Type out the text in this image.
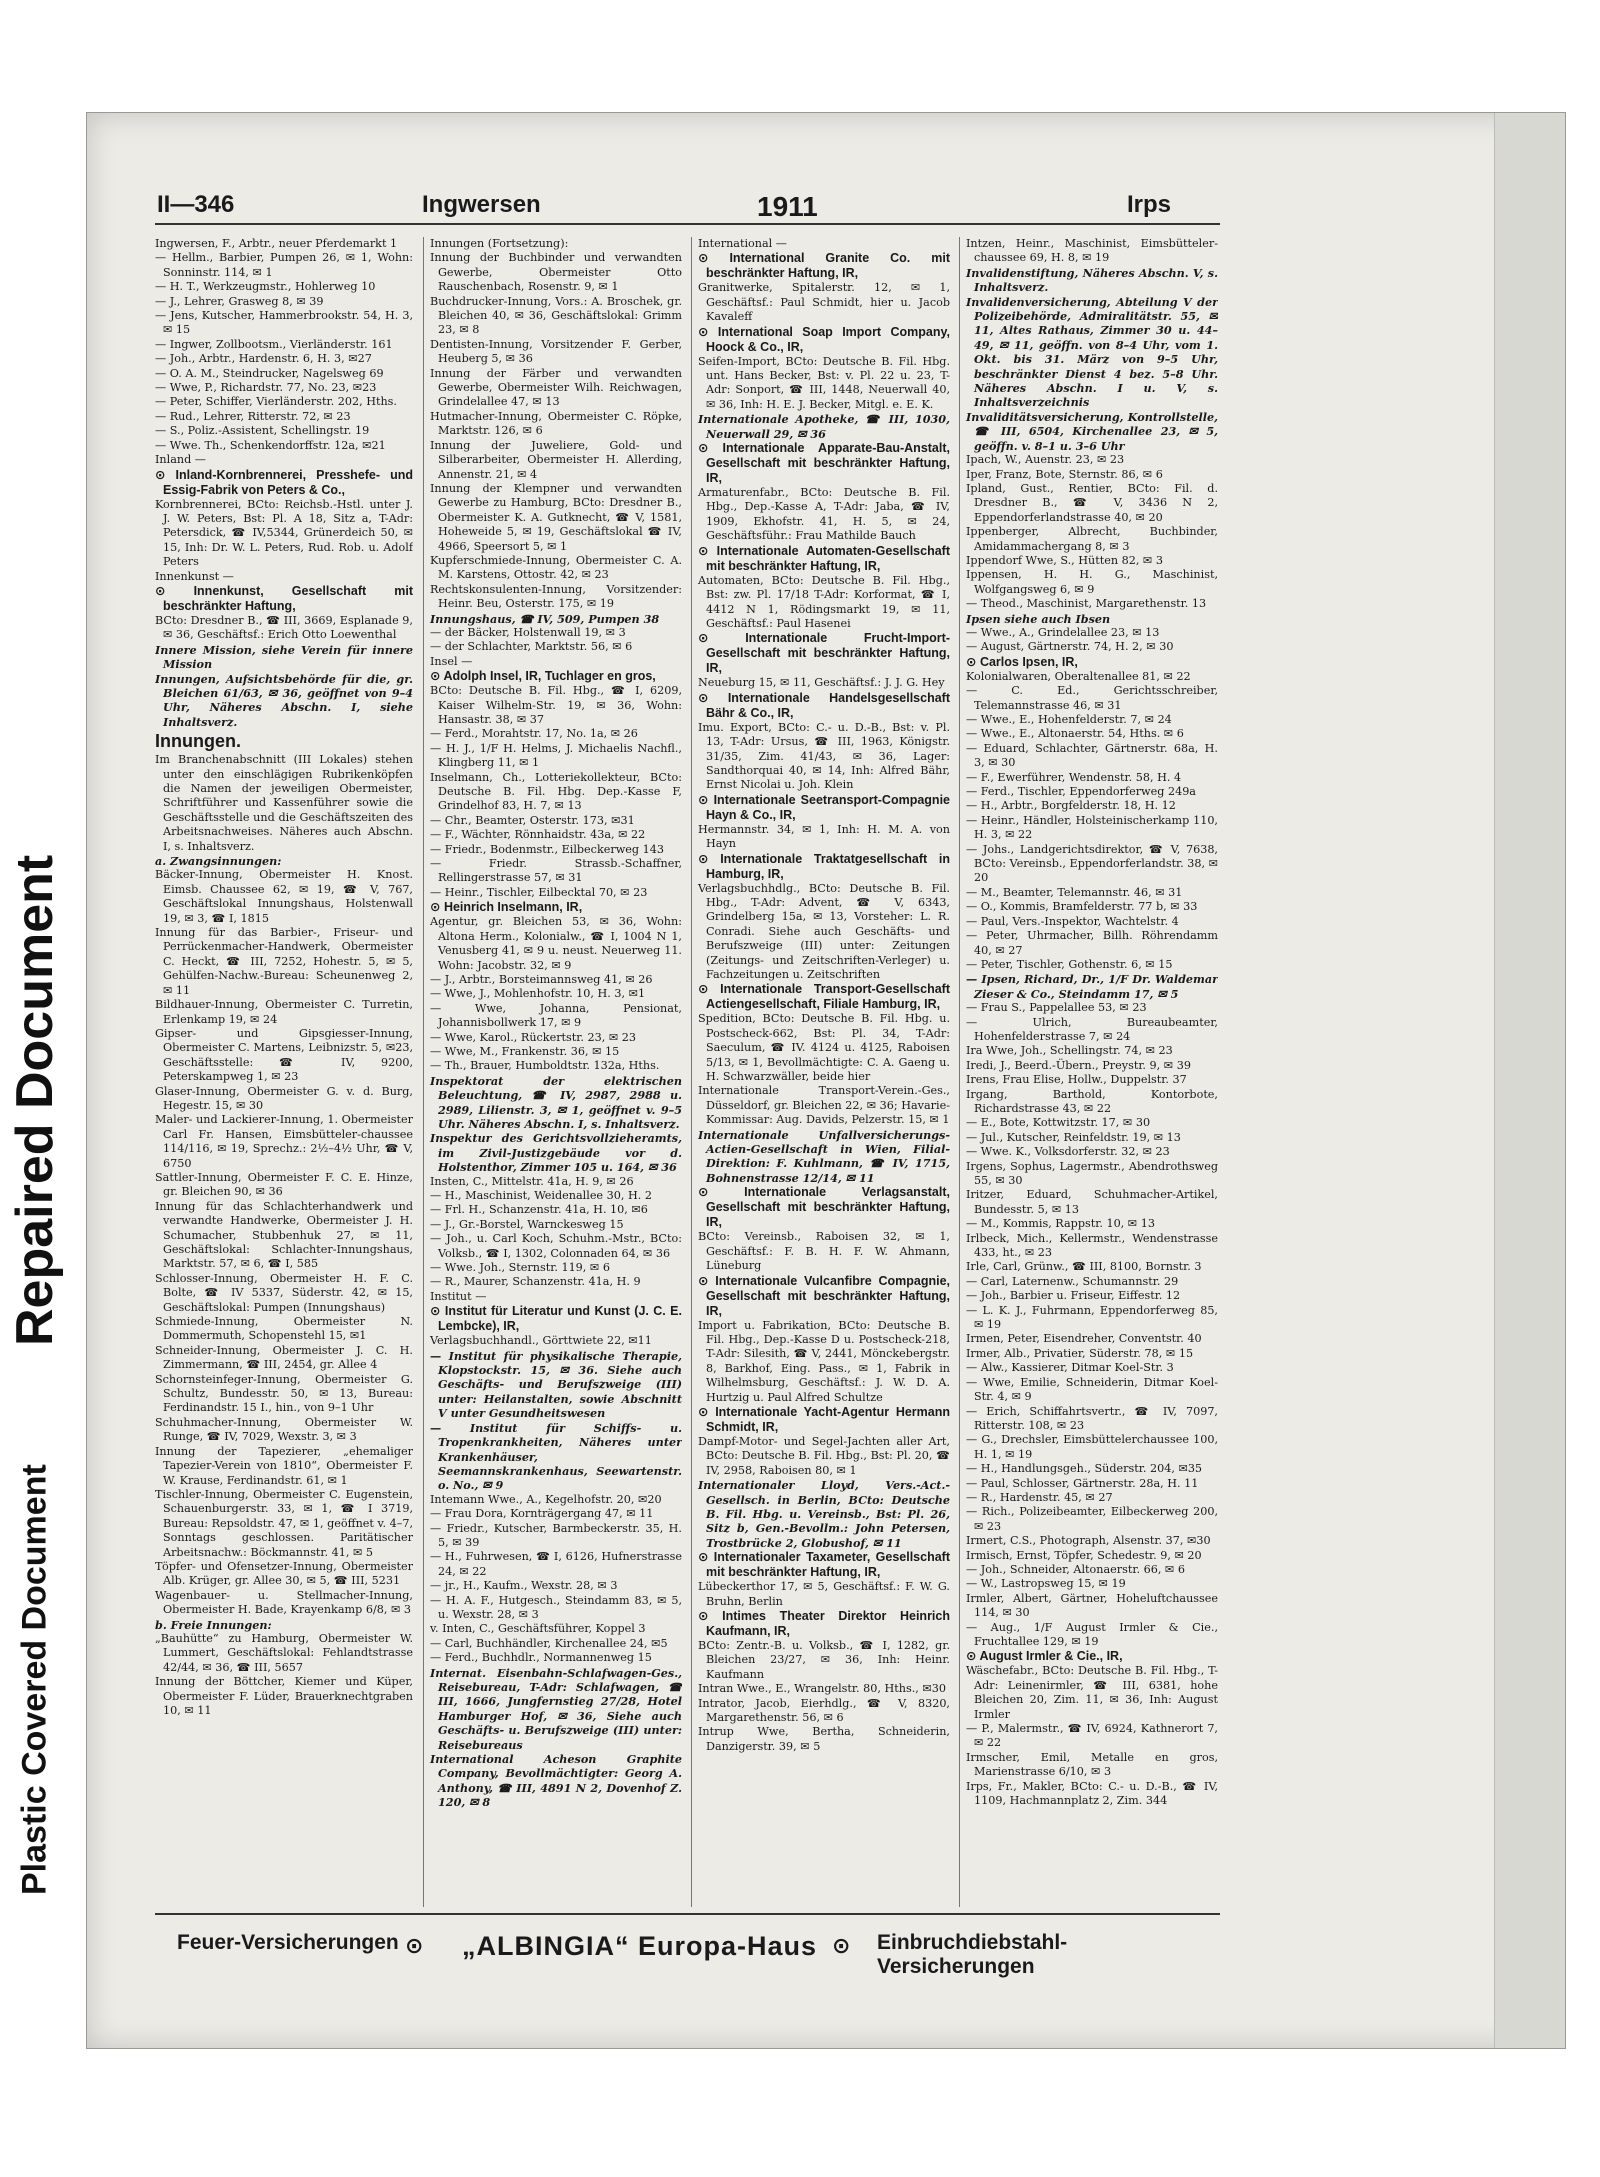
Repaired Document
Plastic Covered Document
II—346	Ingwersen	1911	Irps

Ingwersen, F., Arbtr., neuer Pferdemarkt 1

— Hellm., Barbier, Pumpen 26, ✉ 1, Wohn: Sonninstr. 114, ✉ 1

— H. T., Werkzeugmstr., Hohlerweg 10

— J., Lehrer, Grasweg 8, ✉ 39

— Jens, Kutscher, Hammerbrookstr. 54, H. 3, ✉ 15

— Ingwer, Zollbootsm., Vierländerstr. 161

— Joh., Arbtr., Hardenstr. 6, H. 3, ✉27

— O. A. M., Steindrucker, Nagelsweg 69

— Wwe, P., Richardstr. 77, No. 23, ✉23

— Peter, Schiffer, Vierländerstr. 202, Hths.

— Rud., Lehrer, Ritterstr. 72, ✉ 23

— S., Poliz.-Assistent, Schellingstr. 19

— Wwe. Th., Schenkendorffstr. 12a, ✉21

Inland —

⊙ Inland-Kornbrennerei, Presshefe- und Essig-Fabrik von Peters & Co.,

Kornbrennerei, BCto: Reichsb.-Hstl. unter J. J. W. Peters, Bst: Pl. A 18, Sitz a, T-Adr: Petersdick, ☎ IV,5344, Grünerdeich 50, ✉ 15, Inh: Dr. W. L. Peters, Rud. Rob. u. Adolf Peters

Innenkunst —

⊙ Innenkunst, Gesellschaft mit beschränkter Haftung,

BCto: Dresdner B., ☎ III, 3669, Esplanade 9, ✉ 36, Geschäftsf.: Erich Otto Loewenthal

Innere Mission, siehe Verein für innere Mission

Innungen, Aufsichtsbehörde für die, gr. Bleichen 61/63, ✉ 36, geöffnet von 9–4 Uhr, Näheres Abschn. I, siehe Inhaltsverz.

Innungen.

Im Branchenabschnitt (III Lokales) stehen unter den einschlägigen Rubrikenköpfen die Namen der jeweiligen Obermeister, Schriftführer und Kassenführer sowie die Geschäftsstelle und die Geschäftszeiten des Arbeitsnachweises. Näheres auch Abschn. I, s. Inhaltsverz.

a. Zwangsinnungen:

Bäcker-Innung, Obermeister H. Knost. Eimsb. Chaussee 62, ✉ 19, ☎ V, 767, Geschäftslokal Innungshaus, Holstenwall 19, ✉ 3, ☎ I, 1815

Innung für das Barbier-, Friseur- und Perrückenmacher-Handwerk, Obermeister C. Heckt, ☎ III, 7252, Hohestr. 5, ✉ 5, Gehülfen-Nachw.-Bureau: Scheunenweg 2, ✉ 11

Bildhauer-Innung, Obermeister C. Turretin, Erlenkamp 19, ✉ 24

Gipser- und Gipsgiesser-Innung, Obermeister C. Martens, Leibnizstr. 5, ✉23, Geschäftsstelle: ☎ IV, 9200, Peterskampweg 1, ✉ 23

Glaser-Innung, Obermeister G. v. d. Burg, Hegestr. 15, ✉ 30

Maler- und Lackierer-Innung, 1. Obermeister Carl Fr. Hansen, Eimsbütteler-chaussee 114/116, ✉ 19, Sprechz.: 2½–4½ Uhr, ☎ V, 6750

Sattler-Innung, Obermeister F. C. E. Hinze, gr. Bleichen 90, ✉ 36

Innung für das Schlachterhandwerk und verwandte Handwerke, Obermeister J. H. Schumacher, Stubbenhuk 27, ✉ 11, Geschäftslokal: Schlachter-Innungshaus, Marktstr. 57, ✉ 6, ☎ I, 585

Schlosser-Innung, Obermeister H. F. C. Bolte, ☎ IV 5337, Süderstr. 42, ✉ 15, Geschäftslokal: Pumpen (Innungshaus)

Schmiede-Innung, Obermeister N. Dommermuth, Schopenstehl 15, ✉1

Schneider-Innung, Obermeister J. C. H. Zimmermann, ☎ III, 2454, gr. Allee 4

Schornsteinfeger-Innung, Obermeister G. Schultz, Bundesstr. 50, ✉ 13, Bureau: Ferdinandstr. 15 I., hin., von 9–1 Uhr

Schuhmacher-Innung, Obermeister W. Runge, ☎ IV, 7029, Wexstr. 3, ✉ 3

Innung der Tapezierer, „ehemaliger Tapezier-Verein von 1810“, Obermeister F. W. Krause, Ferdinandstr. 61, ✉ 1

Tischler-Innung, Obermeister C. Eugenstein, Schauenburgerstr. 33, ✉ 1, ☎ I 3719, Bureau: Repsoldstr. 47, ✉ 1, geöffnet v. 4–7, Sonntags geschlossen. Paritätischer Arbeitsnachw.: Böckmannstr. 41, ✉ 5

Töpfer- und Ofensetzer-Innung, Obermeister Alb. Krüger, gr. Allee 30, ✉ 5, ☎ III, 5231

Wagenbauer- u. Stellmacher-Innung, Obermeister H. Bade, Krayenkamp 6/8, ✉ 3

b. Freie Innungen:

„Bauhütte“ zu Hamburg, Obermeister W. Lummert, Geschäftslokal: Fehlandtstrasse 42/44, ✉ 36, ☎ III, 5657

Innung der Böttcher, Kiemer und Küper, Obermeister F. Lüder, Brauerknechtgraben 10, ✉ 11

Innungen (Fortsetzung):

Innung der Buchbinder und verwandten Gewerbe, Obermeister Otto Rauschenbach, Rosenstr. 9, ✉ 1

Buchdrucker-Innung, Vors.: A. Broschek, gr. Bleichen 40, ✉ 36, Geschäftslokal: Grimm 23, ✉ 8

Dentisten-Innung, Vorsitzender F. Gerber, Heuberg 5, ✉ 36

Innung der Färber und verwandten Gewerbe, Obermeister Wilh. Reichwagen, Grindelallee 47, ✉ 13

Hutmacher-Innung, Obermeister C. Röpke, Marktstr. 126, ✉ 6

Innung der Juweliere, Gold- und Silberarbeiter, Obermeister H. Allerding, Annenstr. 21, ✉ 4

Innung der Klempner und verwandten Gewerbe zu Hamburg, BCto: Dresdner B., Obermeister K. A. Gutknecht, ☎ V, 1581, Hoheweide 5, ✉ 19, Geschäftslokal ☎ IV, 4966, Speersort 5, ✉ 1

Kupferschmiede-Innung, Obermeister C. A. M. Karstens, Ottostr. 42, ✉ 23

Rechtskonsulenten-Innung, Vorsitzender: Heinr. Beu, Osterstr. 175, ✉ 19

Innungshaus, ☎ IV, 509, Pumpen 38

— der Bäcker, Holstenwall 19, ✉ 3

— der Schlachter, Marktstr. 56, ✉ 6

Insel —

⊙ Adolph Insel, IR, Tuchlager en gros,

BCto: Deutsche B. Fil. Hbg., ☎ I, 6209, Kaiser Wilhelm-Str. 19, ✉ 36, Wohn: Hansastr. 38, ✉ 37

— Ferd., Morahtstr. 17, No. 1a, ✉ 26

— H. J., 1/F H. Helms, J. Michaelis Nachfl., Klingberg 11, ✉ 1

Inselmann, Ch., Lotteriekollekteur, BCto: Deutsche B. Fil. Hbg. Dep.-Kasse F, Grindelhof 83, H. 7, ✉ 13

— Chr., Beamter, Osterstr. 173, ✉31

— F., Wächter, Rönnhaidstr. 43a, ✉ 22

— Friedr., Bodenmstr., Eilbeckerweg 143

— Friedr. Strassb.-Schaffner, Rellingerstrasse 57, ✉ 31

— Heinr., Tischler, Eilbecktal 70, ✉ 23

⊙ Heinrich Inselmann, IR,

Agentur, gr. Bleichen 53, ✉ 36, Wohn: Altona Herm., Kolonialw., ☎ I, 1004 N 1, Venusberg 41, ✉ 9 u. neust. Neuerweg 11. Wohn: Jacobstr. 32, ✉ 9

— J., Arbtr., Borsteimannsweg 41, ✉ 26

— Wwe, J., Mohlenhofstr. 10, H. 3, ✉1

— Wwe, Johanna, Pensionat, Johannisbollwerk 17, ✉ 9

— Wwe, Karol., Rückertstr. 23, ✉ 23

— Wwe, M., Frankenstr. 36, ✉ 15

— Th., Brauer, Humboldtstr. 132a, Hths.

Inspektorat der elektrischen Beleuchtung, ☎ IV, 2987, 2988 u. 2989, Lilienstr. 3, ✉ 1, geöffnet v. 9–5 Uhr. Näheres Abschn. I, s. Inhaltsverz.

Inspektur des Gerichtsvollzieheramts, im Zivil-Justizgebäude vor d. Holstenthor, Zimmer 105 u. 164, ✉ 36

Insten, C., Mittelstr. 41a, H. 9, ✉ 26

— H., Maschinist, Weidenallee 30, H. 2

— Frl. H., Schanzenstr. 41a, H. 10, ✉6

— J., Gr.-Borstel, Warnckesweg 15

— Joh., u. Carl Koch, Schuhm.-Mstr., BCto: Volksb., ☎ I, 1302, Colonnaden 64, ✉ 36

— Wwe. Joh., Sternstr. 119, ✉ 6

— R., Maurer, Schanzenstr. 41a, H. 9

Institut —

⊙ Institut für Literatur und Kunst (J. C. E. Lembcke), IR,

Verlagsbuchhandl., Görttwiete 22, ✉11

— Institut für physikalische Therapie, Klopstockstr. 15, ✉ 36. Siehe auch Geschäfts- und Berufszweige (III) unter: Heilanstalten, sowie Abschnitt V unter Gesundheitswesen

— Institut für Schiffs- u. Tropenkrankheiten, Näheres unter Krankenhäuser, Seemannskrankenhaus, Seewartenstr. o. No., ✉ 9

Intemann Wwe., A., Kegelhofstr. 20, ✉20

— Frau Dora, Kornträgergang 47, ✉ 11

— Friedr., Kutscher, Barmbeckerstr. 35, H. 5, ✉ 39

— H., Fuhrwesen, ☎ I, 6126, Hufnerstrasse 24, ✉ 22

— jr., H., Kaufm., Wexstr. 28, ✉ 3

— H. A. F., Hutgesch., Steindamm 83, ✉ 5, u. Wexstr. 28, ✉ 3

v. Inten, C., Geschäftsführer, Koppel 3

— Carl, Buchhändler, Kirchenallee 24, ✉5

— Ferd., Buchhdlr., Normannenweg 15

Internat. Eisenbahn-Schlafwagen-Ges., Reisebureau, T-Adr: Schlafwagen, ☎ III, 1666, Jungfernstieg 27/28, Hotel Hamburger Hof, ✉ 36, Siehe auch Geschäfts- u. Berufszweige (III) unter: Reisebureaus

International Acheson Graphite Company, Bevollmächtigter: Georg A. Anthony, ☎ III, 4891 N 2, Dovenhof Z. 120, ✉ 8

International —

⊙ International Granite Co. mit beschränkter Haftung, IR,

Granitwerke, Spitalerstr. 12, ✉ 1, Geschäftsf.: Paul Schmidt, hier u. Jacob Kavaleff

⊙ International Soap Import Company, Hoock & Co., IR,

Seifen-Import, BCto: Deutsche B. Fil. Hbg. unt. Hans Becker, Bst: v. Pl. 22 u. 23, T-Adr: Sonport, ☎ III, 1448, Neuerwall 40, ✉ 36, Inh: H. E. J. Becker, Mitgl. e. E. K.

Internationale Apotheke, ☎ III, 1030, Neuerwall 29, ✉ 36

⊙ Internationale Apparate-Bau-Anstalt, Gesellschaft mit beschränkter Haftung, IR,

Armaturenfabr., BCto: Deutsche B. Fil. Hbg., Dep.-Kasse A, T-Adr: Jaba, ☎ IV, 1909, Ekhofstr. 41, H. 5, ✉ 24, Geschäftsführ.: Frau Mathilde Bauch

⊙ Internationale Automaten-Gesellschaft mit beschränkter Haftung, IR,

Automaten, BCto: Deutsche B. Fil. Hbg., Bst: zw. Pl. 17/18 T-Adr: Korformat, ☎ I, 4412 N 1, Rödingsmarkt 19, ✉ 11, Geschäftsf.: Paul Hasenei

⊙ Internationale Frucht-Import-Gesellschaft mit beschränkter Haftung, IR,

Neueburg 15, ✉ 11, Geschäftsf.: J. J. G. Hey

⊙ Internationale Handelsgesellschaft Bähr & Co., IR,

Imu. Export, BCto: C.- u. D.-B., Bst: v. Pl. 13, T-Adr: Ursus, ☎ III, 1963, Königstr. 31/35, Zim. 41/43, ✉ 36, Lager: Sandthorquai 40, ✉ 14, Inh: Alfred Bähr, Ernst Nicolai u. Joh. Klein

⊙ Internationale Seetransport-Compagnie Hayn & Co., IR,

Hermannstr. 34, ✉ 1, Inh: H. M. A. von Hayn

⊙ Internationale Traktatgesellschaft in Hamburg, IR,

Verlagsbuchhdlg., BCto: Deutsche B. Fil. Hbg., T-Adr: Advent, ☎ V, 6343, Grindelberg 15a, ✉ 13, Vorsteher: L. R. Conradi. Siehe auch Geschäfts- und Berufszweige (III) unter: Zeitungen (Zeitungs- und Zeitschriften-Verleger) u. Fachzeitungen u. Zeitschriften

⊙ Internationale Transport-Gesellschaft Actiengesellschaft, Filiale Hamburg, IR,

Spedition, BCto: Deutsche B. Fil. Hbg. u. Postscheck-662, Bst: Pl. 34, T-Adr: Saeculum, ☎ IV. 4124 u. 4125, Raboisen 5/13, ✉ 1, Bevollmächtigte: C. A. Gaeng u. H. Schwarzwäller, beide hier

Internationale Transport-Verein.-Ges., Düsseldorf, gr. Bleichen 22, ✉ 36; Havarie-Kommissar: Aug. Davids, Pelzerstr. 15, ✉ 1

Internationale Unfallversicherungs-Actien-Gesellschaft in Wien, Filial-Direktion: F. Kuhlmann, ☎ IV, 1715, Bohnenstrasse 12/14, ✉ 11

⊙ Internationale Verlagsanstalt, Gesellschaft mit beschränkter Haftung, IR,

BCto: Vereinsb., Raboisen 32, ✉ 1, Geschäftsf.: F. B. H. F. W. Ahmann, Lüneburg

⊙ Internationale Vulcanfibre Compagnie, Gesellschaft mit beschränkter Haftung, IR,

Import u. Fabrikation, BCto: Deutsche B. Fil. Hbg., Dep.-Kasse D u. Postscheck-218, T-Adr: Silesith, ☎ V, 2441, Mönckebergstr. 8, Barkhof, Eing. Pass., ✉ 1, Fabrik in Wilhelmsburg, Geschäftsf.: J. W. D. A. Hurtzig u. Paul Alfred Schultze

⊙ Internationale Yacht-Agentur Hermann Schmidt, IR,

Dampf-Motor- und Segel-Jachten aller Art, BCto: Deutsche B. Fil. Hbg., Bst: Pl. 20, ☎ IV, 2958, Raboisen 80, ✉ 1

Internationaler Lloyd, Vers.-Act.-Gesellsch. in Berlin, BCto: Deutsche B. Fil. Hbg. u. Vereinsb., Bst: Pl. 26, Sitz b, Gen.-Bevollm.: John Petersen, Trostbrücke 2, Globushof, ✉ 11

⊙ Internationaler Taxameter, Gesellschaft mit beschränkter Haftung, IR,

Lübeckerthor 17, ✉ 5, Geschäftsf.: F. W. G. Bruhn, Berlin

⊙ Intimes Theater Direktor Heinrich Kaufmann, IR,

BCto: Zentr.-B. u. Volksb., ☎ I, 1282, gr. Bleichen 23/27, ✉ 36, Inh: Heinr. Kaufmann

Intran Wwe., E., Wrangelstr. 80, Hths., ✉30

Intrator, Jacob, Eierhdlg., ☎ V, 8320, Margarethenstr. 56, ✉ 6

Intrup Wwe, Bertha, Schneiderin, Danzigerstr. 39, ✉ 5

Intzen, Heinr., Maschinist, Eimsbütteler-chaussee 69, H. 8, ✉ 19

Invalidenstiftung, Näheres Abschn. V, s. Inhaltsverz.

Invalidenversicherung, Abteilung V der Polizeibehörde, Admiralitätstr. 55, ✉ 11, Altes Rathaus, Zimmer 30 u. 44–49, ✉ 11, geöffn. von 8–4 Uhr, vom 1. Okt. bis 31. März von 9–5 Uhr, beschränkter Dienst 4 bez. 5–8 Uhr. Näheres Abschn. I u. V, s. Inhaltsverzeichnis

Invaliditätsversicherung, Kontrollstelle, ☎ III, 6504, Kirchenallee 23, ✉ 5, geöffn. v. 8–1 u. 3–6 Uhr

Ipach, W., Auenstr. 23, ✉ 23

Iper, Franz, Bote, Sternstr. 86, ✉ 6

Ipland, Gust., Rentier, BCto: Fil. d. Dresdner B., ☎ V, 3436 N 2, Eppendorferlandstrasse 40, ✉ 20

Ippenberger, Albrecht, Buchbinder, Amidammachergang 8, ✉ 3

Ippendorf Wwe, S., Hütten 82, ✉ 3

Ippensen, H. H. G., Maschinist, Wolfgangsweg 6, ✉ 9

— Theod., Maschinist, Margarethenstr. 13

Ipsen siehe auch Ibsen

— Wwe., A., Grindelallee 23, ✉ 13

— August, Gärtnerstr. 74, H. 2, ✉ 30

⊙ Carlos Ipsen, IR,

Kolonialwaren, Oberaltenallee 81, ✉ 22

— C. Ed., Gerichtsschreiber, Telemannstrasse 46, ✉ 31

— Wwe., E., Hohenfelderstr. 7, ✉ 24

— Wwe., E., Altonaerstr. 54, Hths. ✉ 6

— Eduard, Schlachter, Gärtnerstr. 68a, H. 3, ✉ 30

— F., Ewerführer, Wendenstr. 58, H. 4

— Ferd., Tischler, Eppendorferweg 249a

— H., Arbtr., Borgfelderstr. 18, H. 12

— Heinr., Händler, Holsteinischerkamp 110, H. 3, ✉ 22

— Johs., Landgerichtsdirektor, ☎ V, 7638, BCto: Vereinsb., Eppendorferlandstr. 38, ✉ 20

— M., Beamter, Telemannstr. 46, ✉ 31

— O., Kommis, Bramfelderstr. 77 b, ✉ 33

— Paul, Vers.-Inspektor, Wachtelstr. 4

— Peter, Uhrmacher, Billh. Röhrendamm 40, ✉ 27

— Peter, Tischler, Gothenstr. 6, ✉ 15

— Ipsen, Richard, Dr., 1/F Dr. Waldemar Zieser & Co., Steindamm 17, ✉ 5

— Frau S., Pappelallee 53, ✉ 23

— Ulrich, Bureaubeamter, Hohenfelderstrasse 7, ✉ 24

Ira Wwe, Joh., Schellingstr. 74, ✉ 23

Iredi, J., Beerd.-Übern., Preystr. 9, ✉ 39

Irens, Frau Elise, Hollw., Duppelstr. 37

Irgang, Barthold, Kontorbote, Richardstrasse 43, ✉ 22

— E., Bote, Kottwitzstr. 17, ✉ 30

— Jul., Kutscher, Reinfeldstr. 19, ✉ 13

— Wwe. K., Volksdorferstr. 32, ✉ 23

Irgens, Sophus, Lagermstr., Abendrothsweg 55, ✉ 30

Iritzer, Eduard, Schuhmacher-Artikel, Bundesstr. 5, ✉ 13

— M., Kommis, Rappstr. 10, ✉ 13

Irlbeck, Mich., Kellermstr., Wendenstrasse 433, ht., ✉ 23

Irle, Carl, Grünw., ☎ III, 8100, Bornstr. 3

— Carl, Laternenw., Schumannstr. 29

— Joh., Barbier u. Friseur, Eiffestr. 12

— L. K. J., Fuhrmann, Eppendorferweg 85, ✉ 19

Irmen, Peter, Eisendreher, Conventstr. 40

Irmer, Alb., Privatier, Süderstr. 78, ✉ 15

— Alw., Kassierer, Ditmar Koel-Str. 3

— Wwe, Emilie, Schneiderin, Ditmar Koel-Str. 4, ✉ 9

— Erich, Schiffahrtsvertr., ☎ IV, 7097, Ritterstr. 108, ✉ 23

— G., Drechsler, Eimsbüttelerchaussee 100, H. 1, ✉ 19

— H., Handlungsgeh., Süderstr. 204, ✉35

— Paul, Schlosser, Gärtnerstr. 28a, H. 11

— R., Hardenstr. 45, ✉ 27

— Rich., Polizeibeamter, Eilbeckerweg 200, ✉ 23

Irmert, C.S., Photograph, Alsenstr. 37, ✉30

Irmisch, Ernst, Töpfer, Schedestr. 9, ✉ 20

— Joh., Schneider, Altonaerstr. 66, ✉ 6

— W., Lastropsweg 15, ✉ 19

Irmler, Albert, Gärtner, Hoheluftchaussee 114, ✉ 30

— Aug., 1/F August Irmler & Cie., Fruchtallee 129, ✉ 19

⊙ August Irmler & Cie., IR,

Wäschefabr., BCto: Deutsche B. Fil. Hbg., T-Adr: Leinenirmler, ☎ III, 6381, hohe Bleichen 20, Zim. 11, ✉ 36, Inh: August Irmler

— P., Malermstr., ☎ IV, 6924, Kathnerort 7, ✉ 22

Irmscher, Emil, Metalle en gros, Marienstrasse 6/10, ✉ 3

Irps, Fr., Makler, BCto: C.- u. D.-B., ☎ IV, 1109, Hachmannplatz 2, Zim. 344

Feuer-Versicherungen ⊙ „ALBINGIA“ Europa-Haus ⊙ Einbruchdiebstahl-Versicherungen
